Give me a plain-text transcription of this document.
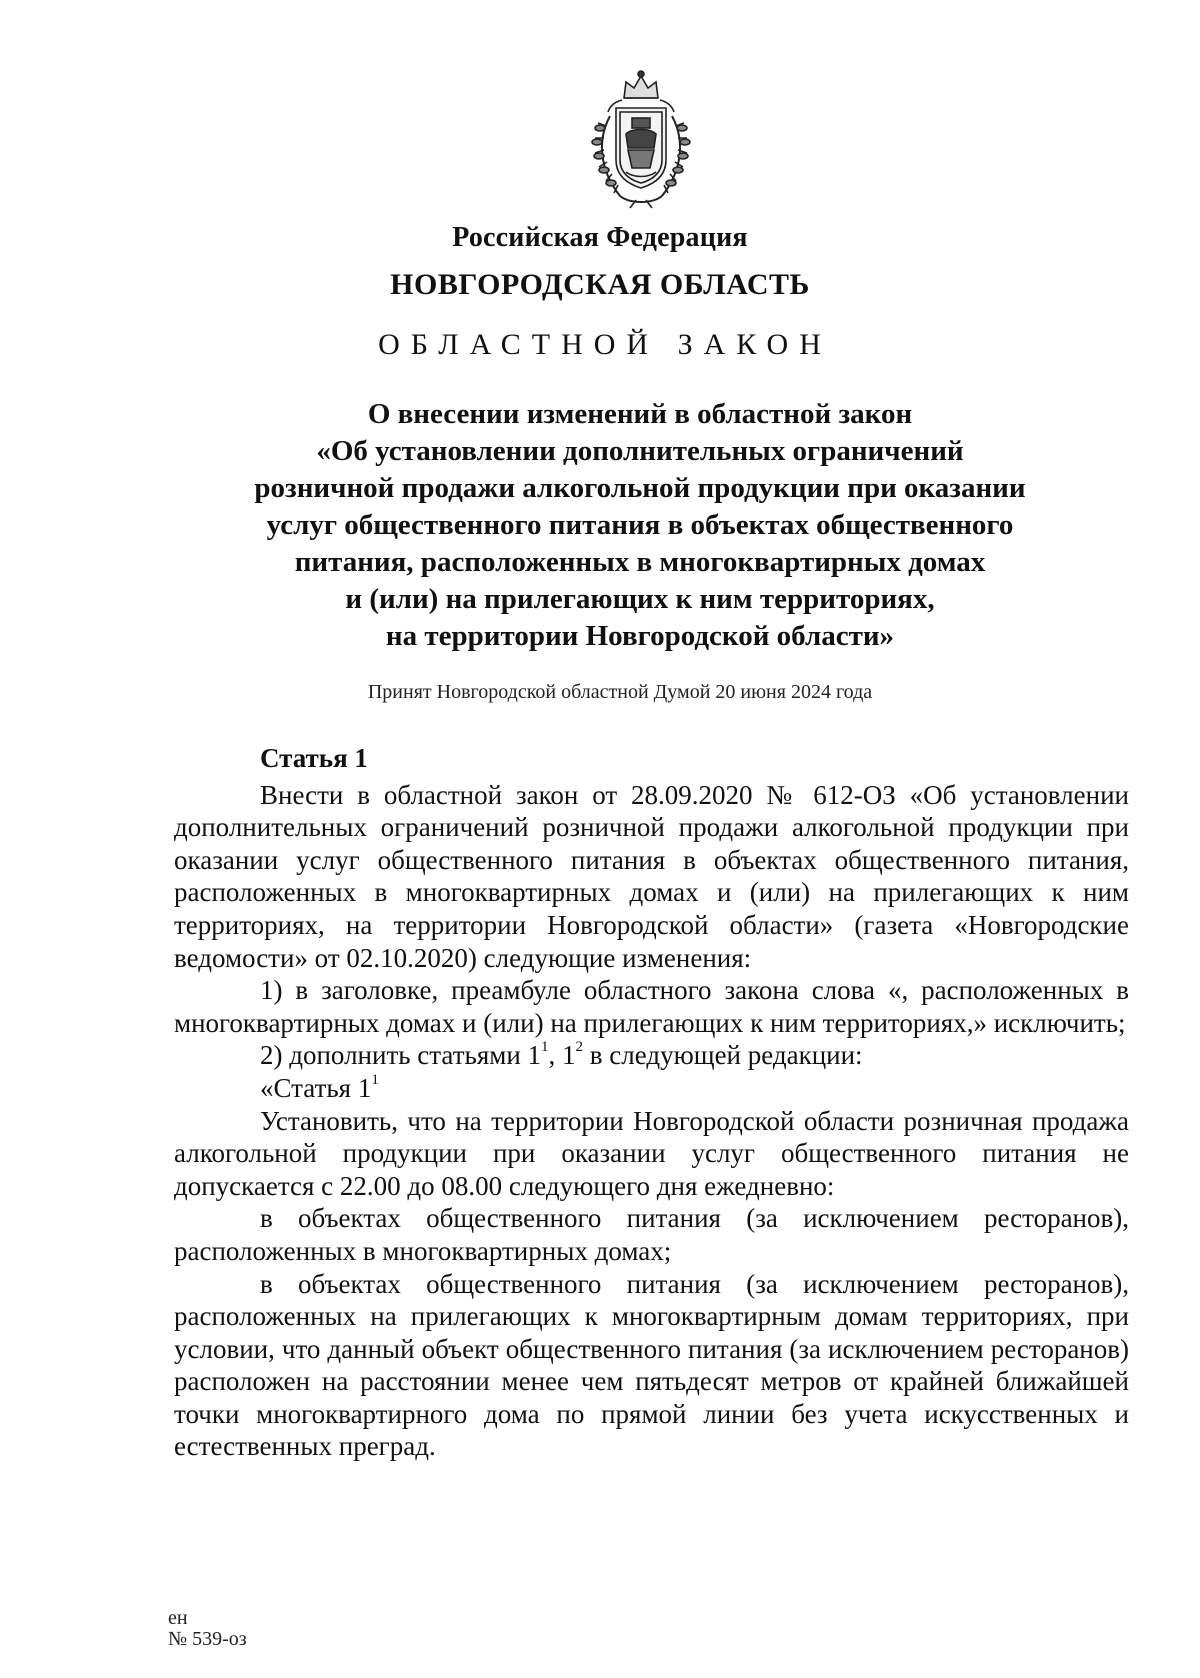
Российская Федерация
НОВГОРОДСКАЯ ОБЛАСТЬ
ОБЛАСТНОЙ ЗАКОН
О внесении изменений в областной закон
«Об установлении дополнительных ограничений
розничной продажи алкогольной продукции при оказании
услуг общественного питания в объектах общественного
питания, расположенных в многоквартирных домах
и (или) на прилегающих к ним территориях,
на территории Новгородской области»
Принят Новгородской областной Думой 20 июня 2024 года
Статья 1

Внести в областной закон от 28.09.2020 № 612-ОЗ «Об установлении дополнительных ограничений розничной продажи алкогольной продукции при оказании услуг общественного питания в объектах общественного питания, расположенных в многоквартирных домах и (или) на прилегающих к ним территориях, на территории Новгородской области» (газета «Новгородские ведомости» от 02.10.2020) следующие изменения:

1) в заголовке, преамбуле областного закона слова «, расположенных в многоквартирных домах и (или) на прилегающих к ним территориях,» исключить;

2) дополнить статьями $1^1$, $1^2$ в следующей редакции:

«Статья $1^1$

Установить, что на территории Новгородской области розничная продажа алкогольной продукции при оказании услуг общественного питания не допускается с 22.00 до 08.00 следующего дня ежедневно:

в объектах общественного питания (за исключением ресторанов), расположенных в многоквартирных домах;

в объектах общественного питания (за исключением ресторанов), расположенных на прилегающих к многоквартирным домам территориях, при условии, что данный объект общественного питания (за исключением ресторанов) расположен на расстоянии менее чем пятьдесят метров от крайней ближайшей точки многоквартирного дома по прямой линии без учета искусственных и естественных преград.

ен
№ 539-оз
